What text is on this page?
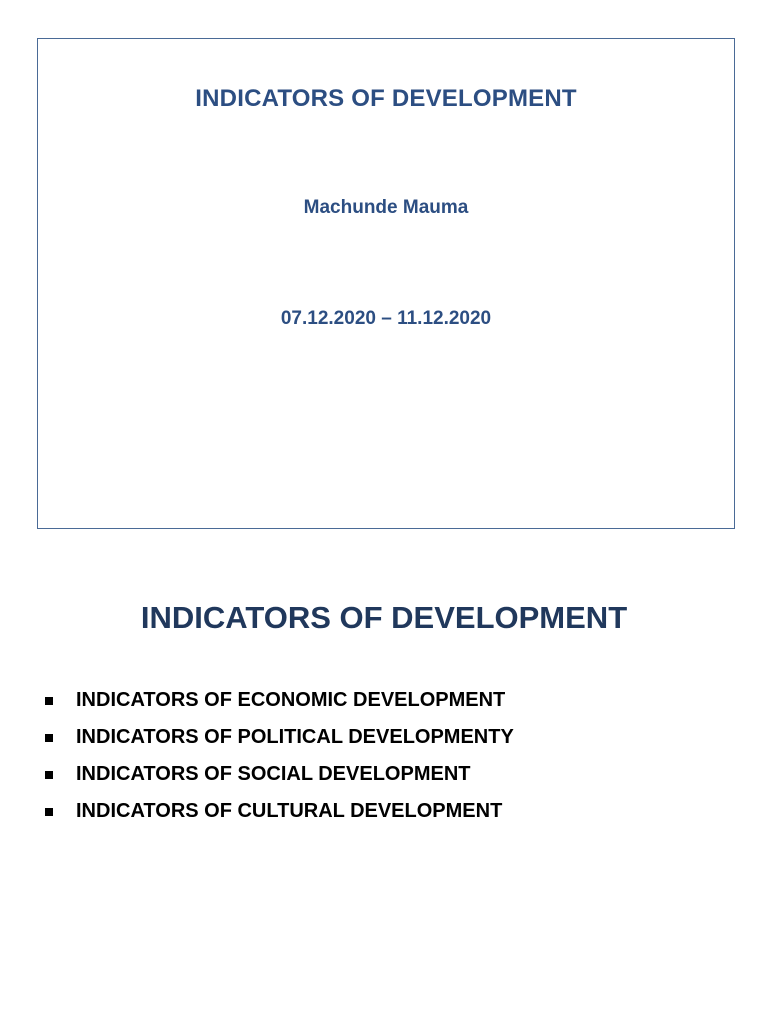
INDICATORS OF DEVELOPMENT
Machunde Mauma
07.12.2020 – 11.12.2020
INDICATORS OF DEVELOPMENT
INDICATORS OF ECONOMIC DEVELOPMENT
INDICATORS OF POLITICAL DEVELOPMENTY
INDICATORS OF SOCIAL DEVELOPMENT
INDICATORS OF CULTURAL DEVELOPMENT
